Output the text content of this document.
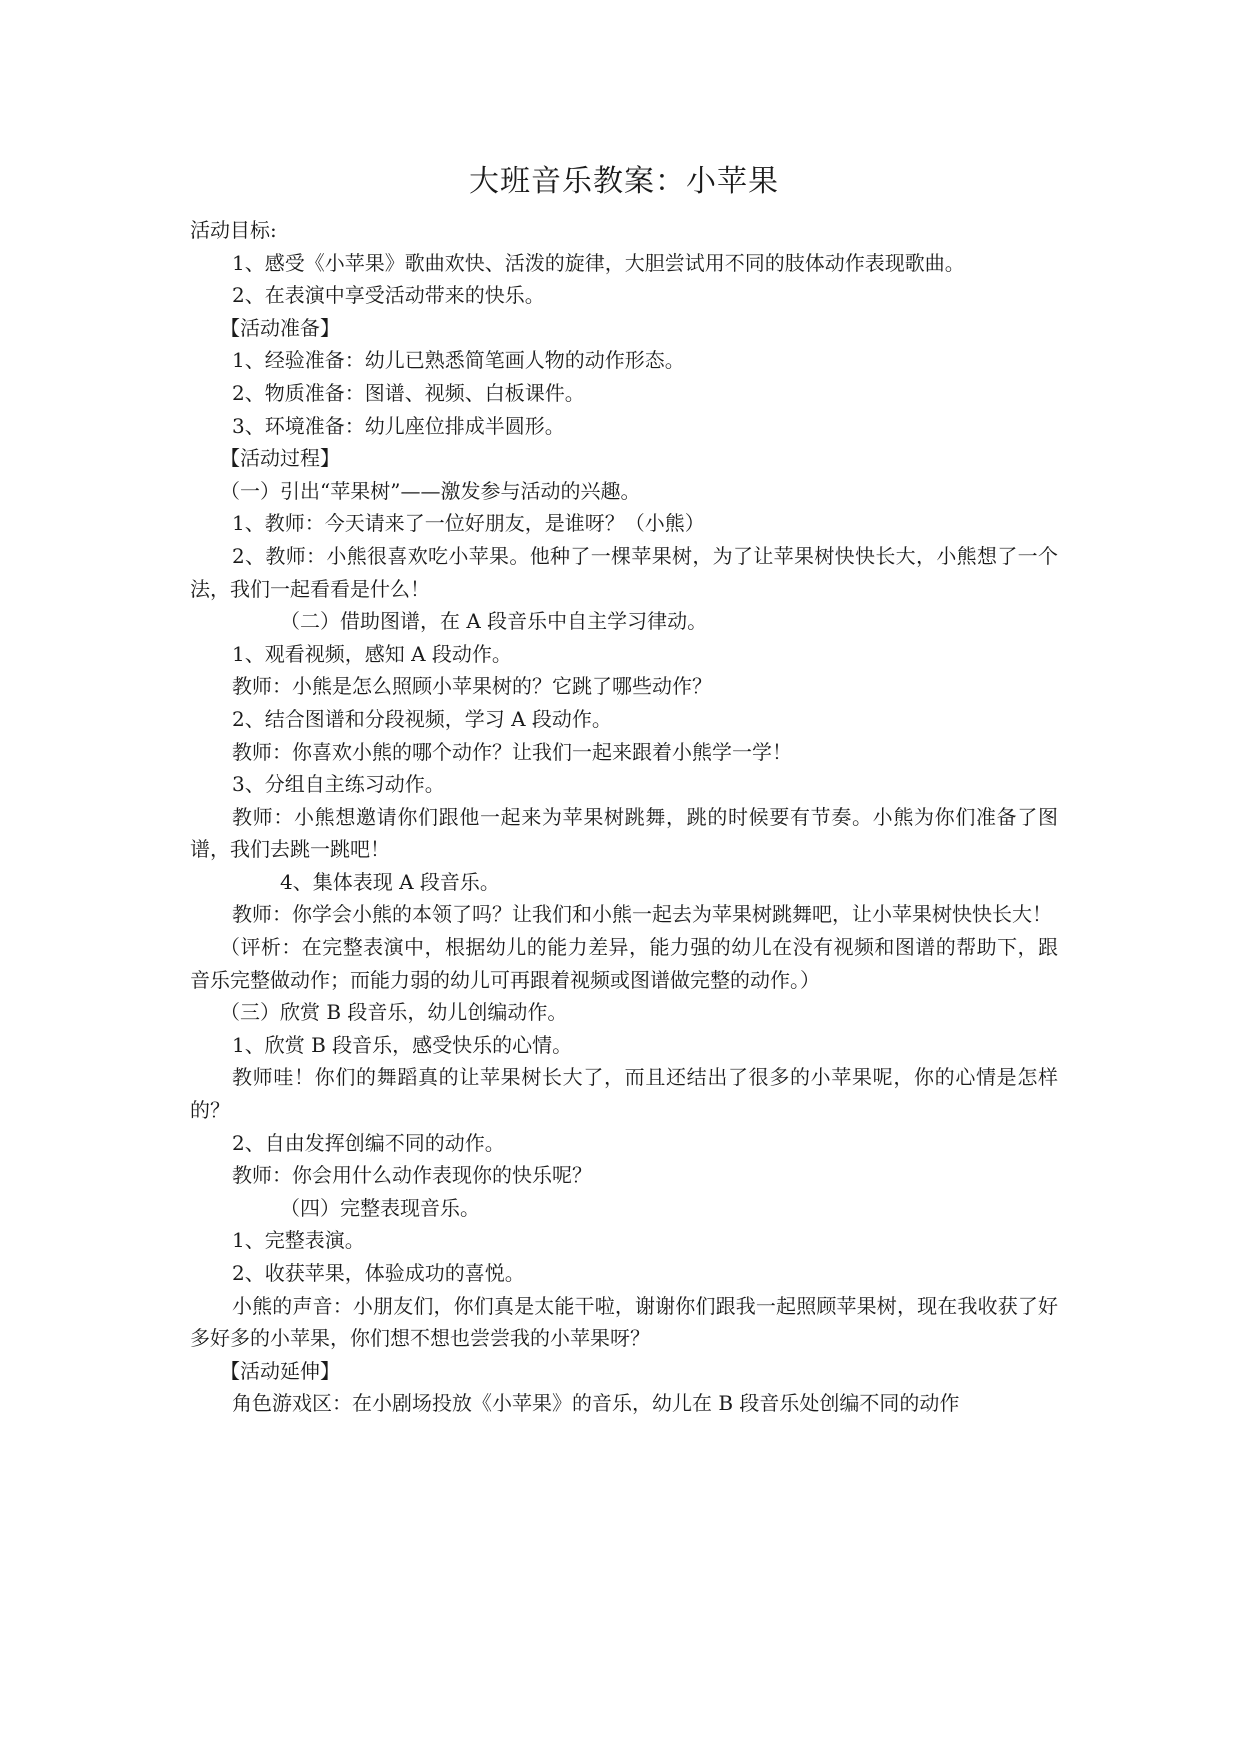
大班音乐教案：小苹果

活动目标:

1、感受《小苹果》歌曲欢快、活泼的旋律，大胆尝试用不同的肢体动作表现歌曲。

2、在表演中享受活动带来的快乐。

【活动准备】

1、经验准备：幼儿已熟悉简笔画人物的动作形态。

2、物质准备：图谱、视频、白板课件。

3、环境准备：幼儿座位排成半圆形。

【活动过程】

（一）引出“苹果树”——激发参与活动的兴趣。

1、教师：今天请来了一位好朋友，是谁呀？（小熊）

2、教师：小熊很喜欢吃小苹果。他种了一棵苹果树，为了让苹果树快快长大，小熊想了一个法，我们一起看看是什么！

（二）借助图谱，在 A 段音乐中自主学习律动。

1、观看视频，感知 A 段动作。

教师：小熊是怎么照顾小苹果树的？它跳了哪些动作？

2、结合图谱和分段视频，学习 A 段动作。

教师：你喜欢小熊的哪个动作？让我们一起来跟着小熊学一学！

3、分组自主练习动作。

教师：小熊想邀请你们跟他一起来为苹果树跳舞，跳的时候要有节奏。小熊为你们准备了图谱，我们去跳一跳吧！

4、集体表现 A 段音乐。

教师：你学会小熊的本领了吗？让我们和小熊一起去为苹果树跳舞吧，让小苹果树快快长大！

（评析：在完整表演中，根据幼儿的能力差异，能力强的幼儿在没有视频和图谱的帮助下，跟音乐完整做动作；而能力弱的幼儿可再跟着视频或图谱做完整的动作。）

（三）欣赏 B 段音乐，幼儿创编动作。

1、欣赏 B 段音乐，感受快乐的心情。

教师哇！你们的舞蹈真的让苹果树长大了，而且还结出了很多的小苹果呢，你的心情是怎样的？

2、自由发挥创编不同的动作。

教师：你会用什么动作表现你的快乐呢？

（四）完整表现音乐。

1、完整表演。

2、收获苹果，体验成功的喜悦。

小熊的声音：小朋友们，你们真是太能干啦，谢谢你们跟我一起照顾苹果树，现在我收获了好多好多的小苹果，你们想不想也尝尝我的小苹果呀？

【活动延伸】

角色游戏区：在小剧场投放《小苹果》的音乐，幼儿在 B 段音乐处创编不同的动作
